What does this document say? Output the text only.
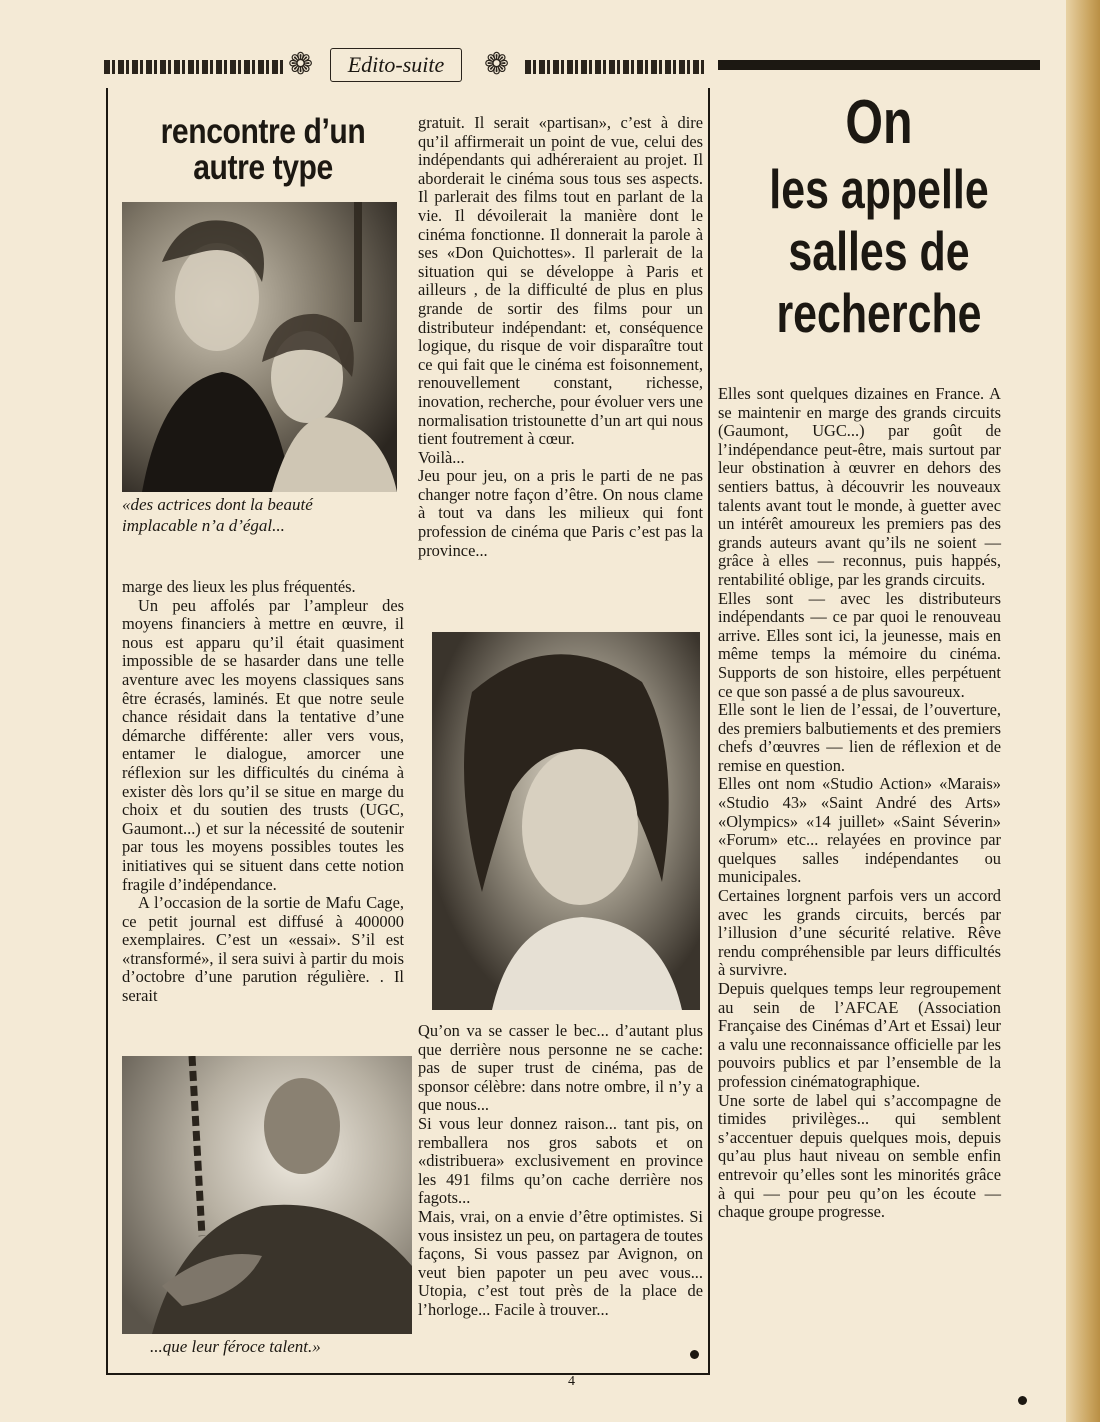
❁	Edito-suite	❁
rencontre d’un
autre type
«des actrices dont la beauté
implacable n’a d’égal...

marge des lieux les plus fréquentés.

Un peu affolés par l’ampleur des moyens financiers à mettre en œuvre, il nous est apparu qu’il était quasiment impossible de se hasarder dans une telle aventure avec les moyens classiques sans être écrasés, laminés. Et que notre seule chance résidait dans la tentative d’une démarche différente: aller vers vous, entamer le dialogue, amorcer une réflexion sur les difficultés du cinéma à exister dès lors qu’il se situe en marge du choix et du soutien des trusts (UGC, Gaumont...) et sur la nécessité de soutenir par tous les moyens possibles toutes les initiatives qui se situent dans cette notion fragile d’indépendance.

A l’occasion de la sortie de Mafu Cage, ce petit journal est diffusé à 400000 exemplaires. C’est un «essai». S’il est «transformé», il sera suivi à partir du mois d’octobre d’une parution régulière. . Il serait

...que leur féroce talent.»

gratuit. Il serait «partisan», c’est à dire qu’il affirmerait un point de vue, celui des indépendants qui adhéreraient au projet. Il aborderait le cinéma sous tous ses aspects. Il parlerait des films tout en parlant de la vie. Il dévoilerait la manière dont le cinéma fonctionne. Il donnerait la parole à ses «Don Quichottes». Il parlerait de la situation qui se développe à Paris et ailleurs , de la difficulté de plus en plus grande de sortir des films pour un distributeur indépendant: et, conséquence logique, du risque de voir disparaître tout ce qui fait que le cinéma est foisonnement, renouvellement constant, richesse, inovation, recherche, pour évoluer vers une normalisation tristounette d’un art qui nous tient foutrement à cœur.

Voilà...

Jeu pour jeu, on a pris le parti de ne pas changer notre façon d’être. On nous clame à tout va dans les milieux qui font profession de cinéma que Paris c’est pas la province...

Qu’on va se casser le bec... d’autant plus que derrière nous personne ne se cache: pas de super trust de cinéma, pas de sponsor célèbre: dans notre ombre, il n’y a que nous...

Si vous leur donnez raison... tant pis, on remballera nos gros sabots et on «distribuera» exclusivement en province les 491 films qu’on cache derrière nos fagots...

Mais, vrai, on a envie d’être optimistes. Si vous insistez un peu, on partagera de toutes façons, Si vous passez par Avignon, on veut bien papoter un peu avec vous... Utopia, c’est tout près de la place de l’horloge... Facile à trouver...

On
les appelle
salles de
recherche

Elles sont quelques dizaines en France. A se maintenir en marge des grands circuits (Gaumont, UGC...) par goût de l’indépendance peut-être, mais surtout par leur obstination à œuvrer en dehors des sentiers battus, à découvrir les nouveaux talents avant tout le monde, à guetter avec un intérêt amoureux les premiers pas des grands auteurs avant qu’ils ne soient — grâce à elles — reconnus, puis happés, rentabilité oblige, par les grands circuits.

Elles sont — avec les distributeurs indépendants — ce par quoi le renouveau arrive. Elles sont ici, la jeunesse, mais en même temps la mémoire du cinéma. Supports de son histoire, elles perpétuent ce que son passé a de plus savoureux.

Elle sont le lien de l’essai, de l’ouverture, des premiers balbutiements et des premiers chefs d’œuvres — lien de réflexion et de remise en question.

Elles ont nom «Studio Action» «Marais» «Studio 43» «Saint André des Arts» «Olympics» «14 juillet» «Saint Séverin» «Forum» etc... relayées en province par quelques salles indépendantes ou municipales.

Certaines lorgnent parfois vers un accord avec les grands circuits, bercés par l’illusion d’une sécurité relative. Rêve rendu compréhensible par leurs difficultés à survivre.

Depuis quelques temps leur regroupement au sein de l’AFCAE (Association Française des Cinémas d’Art et Essai) leur a valu une reconnaissance officielle par les pouvoirs publics et par l’ensemble de la profession cinématographique.

Une sorte de label qui s’accompagne de timides privilèges... qui semblent s’accentuer depuis quelques mois, depuis qu’au plus haut niveau on semble enfin entrevoir qu’elles sont les minorités grâce à qui — pour peu qu’on les écoute — chaque groupe progresse.

4
